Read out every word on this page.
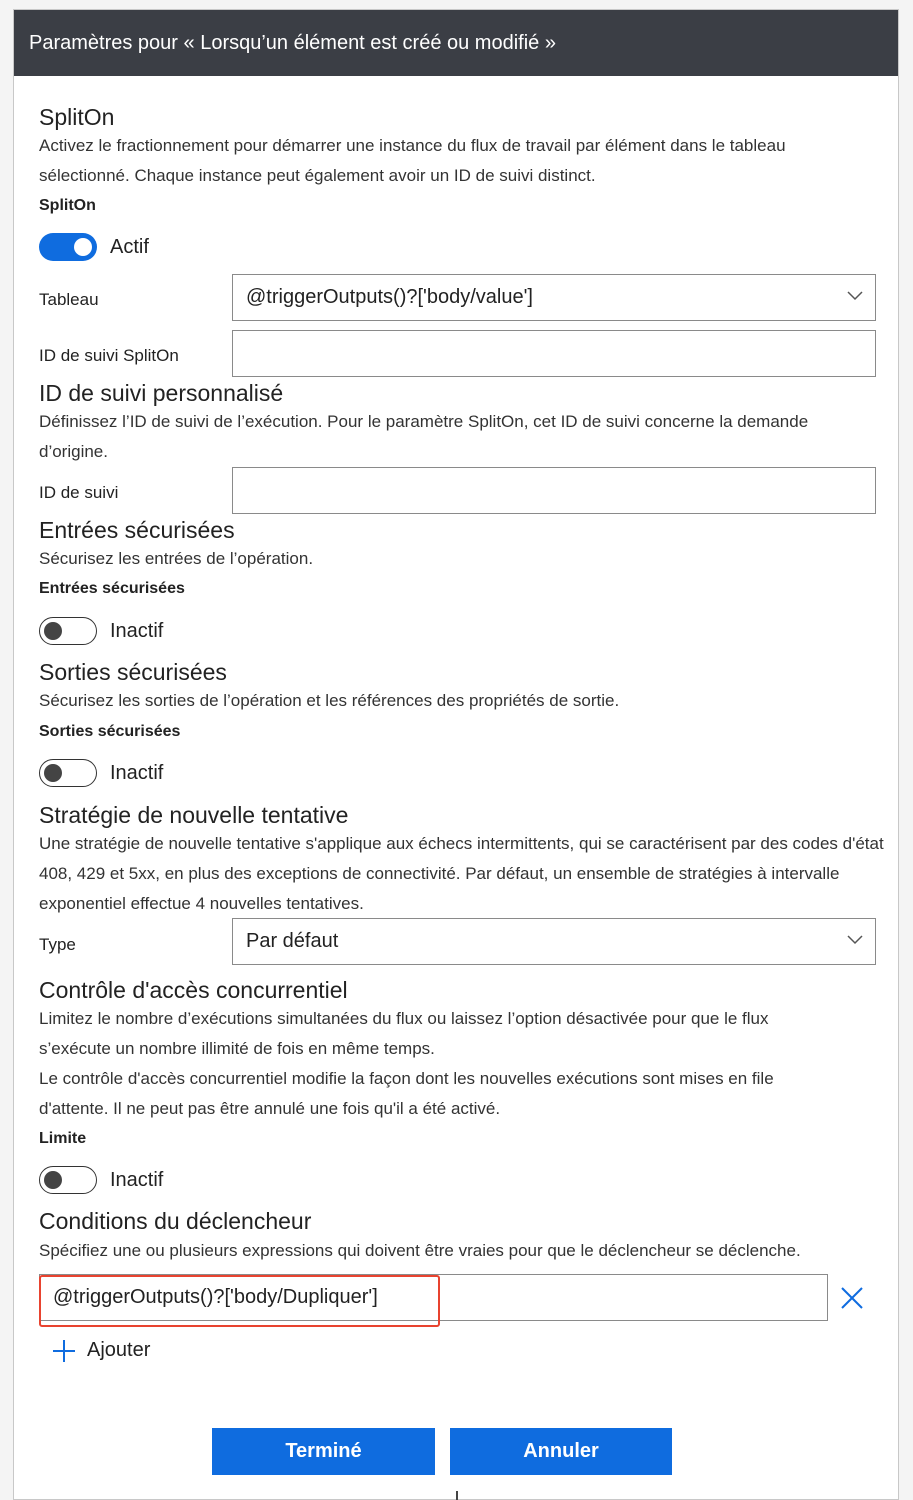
Paramètres pour « Lorsqu’un élément est créé ou modifié »
SplitOn
Activez le fractionnement pour démarrer une instance du flux de travail par élément dans le tableau sélectionné. Chaque instance peut également avoir un ID de suivi distinct.
SplitOn
Actif
Tableau	@triggerOutputs()?['body/value']
ID de suivi SplitOn
ID de suivi personnalisé
Définissez l’ID de suivi de l’exécution. Pour le paramètre SplitOn, cet ID de suivi concerne la demande d’origine.
ID de suivi
Entrées sécurisées
Sécurisez les entrées de l’opération.
Entrées sécurisées
Inactif
Sorties sécurisées
Sécurisez les sorties de l’opération et les références des propriétés de sortie.
Sorties sécurisées
Inactif
Stratégie de nouvelle tentative
Une stratégie de nouvelle tentative s'applique aux échecs intermittents, qui se caractérisent par des codes d'état 408, 429 et 5xx, en plus des exceptions de connectivité. Par défaut, un ensemble de stratégies à intervalle exponentiel effectue 4 nouvelles tentatives.
Type	Par défaut
Contrôle d'accès concurrentiel
Limitez le nombre d’exécutions simultanées du flux ou laissez l’option désactivée pour que le flux s’exécute un nombre illimité de fois en même temps.
Le contrôle d'accès concurrentiel modifie la façon dont les nouvelles exécutions sont mises en file d'attente. Il ne peut pas être annulé une fois qu'il a été activé.
Limite
Inactif
Conditions du déclencheur
Spécifiez une ou plusieurs expressions qui doivent être vraies pour que le déclencheur se déclenche.
@triggerOutputs()?['body/Dupliquer']
Ajouter
Terminé	Annuler
